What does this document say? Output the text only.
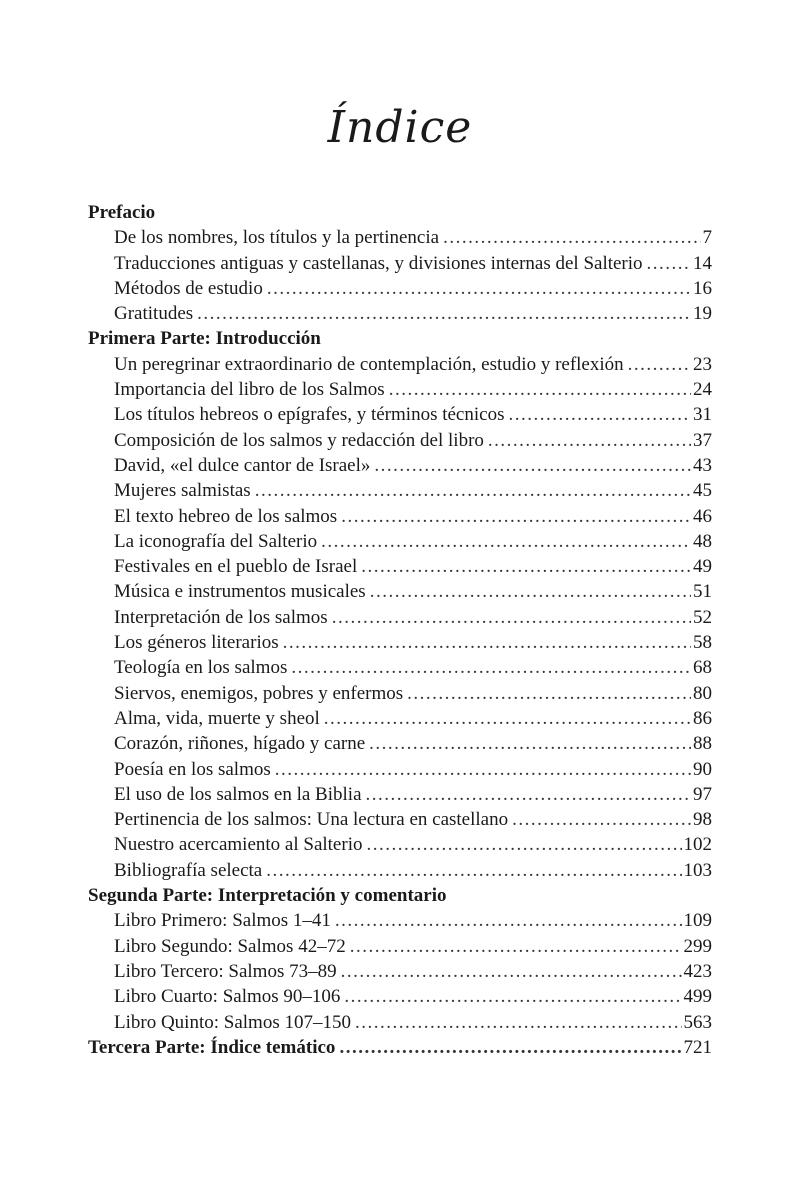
Índice
Prefacio
De los nombres, los títulos y la pertinencia .....	7
Traducciones antiguas y castellanas, y divisiones internas del Salterio .....	14
Métodos de estudio .....	16
Gratitudes .....	19
Primera Parte: Introducción
Un peregrinar extraordinario de contemplación, estudio y reflexión .....	23
Importancia del libro de los Salmos .....	24
Los títulos hebreos o epígrafes, y términos técnicos .....	31
Composición de los salmos y redacción del libro .....	37
David, «el dulce cantor de Israel» .....	43
Mujeres salmistas .....	45
El texto hebreo de los salmos .....	46
La iconografía del Salterio .....	48
Festivales en el pueblo de Israel .....	49
Música e instrumentos musicales .....	51
Interpretación de los salmos .....	52
Los géneros literarios .....	58
Teología en los salmos .....	68
Siervos, enemigos, pobres y enfermos .....	80
Alma, vida, muerte y sheol .....	86
Corazón, riñones, hígado y carne .....	88
Poesía en los salmos .....	90
El uso de los salmos en la Biblia .....	97
Pertinencia de los salmos: Una lectura en castellano .....	98
Nuestro acercamiento al Salterio .....	102
Bibliografía selecta .....	103
Segunda Parte: Interpretación y comentario
Libro Primero: Salmos 1–41 .....	109
Libro Segundo: Salmos 42–72 .....	299
Libro Tercero: Salmos 73–89 .....	423
Libro Cuarto: Salmos 90–106 .....	499
Libro Quinto: Salmos 107–150 .....	563
Tercera Parte: Índice temático .....	721
